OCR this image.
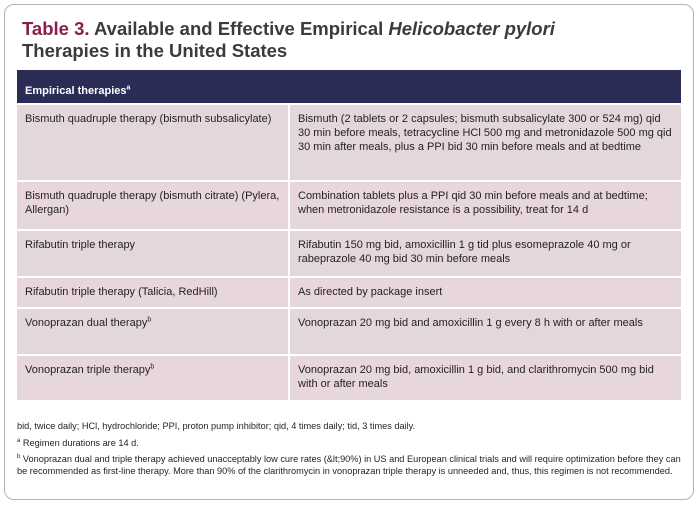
Table 3. Available and Effective Empirical Helicobacter pylori
Therapies in the United States
Empirical therapies$^a$
Bismuth quadruple therapy (bismuth subsalicylate)	Bismuth (2 tablets or 2 capsules; bismuth subsalicylate 300 or 524 mg) qid 30 min before meals, tetracycline HCl 500 mg and metronidazole 500 mg qid 30 min after meals, plus a PPI bid 30 min before meals and at bedtime
Bismuth quadruple therapy (bismuth citrate) (Pylera, Allergan)	Combination tablets plus a PPI qid 30 min before meals and at bedtime; when metronidazole resistance is a possibility, treat for 14 d
Rifabutin triple therapy	Rifabutin 150 mg bid, amoxicillin 1 g tid plus esomeprazole 40 mg or rabeprazole 40 mg bid 30 min before meals
Rifabutin triple therapy (Talicia, RedHill)	As directed by package insert
Vonoprazan dual therapy$^b$	Vonoprazan 20 mg bid and amoxicillin 1 g every 8 h with or after meals
Vonoprazan triple therapy$^b$	Vonoprazan 20 mg bid, amoxicillin 1 g bid, and clarithromycin 500 mg bid with or after meals

bid, twice daily; HCl, hydrochloride; PPI, proton pump inhibitor; qid, 4 times daily; tid, 3 times daily.

$^a$ Regimen durations are 14 d.

$^b$ Vonoprazan dual and triple therapy achieved unacceptably low cure rates (&lt;90%) in US and European clinical trials and will require optimization before they can be recommended as first-line therapy. More than 90% of the clarithromycin in vonoprazan triple therapy is unneeded and, thus, this regimen is not recommended.
